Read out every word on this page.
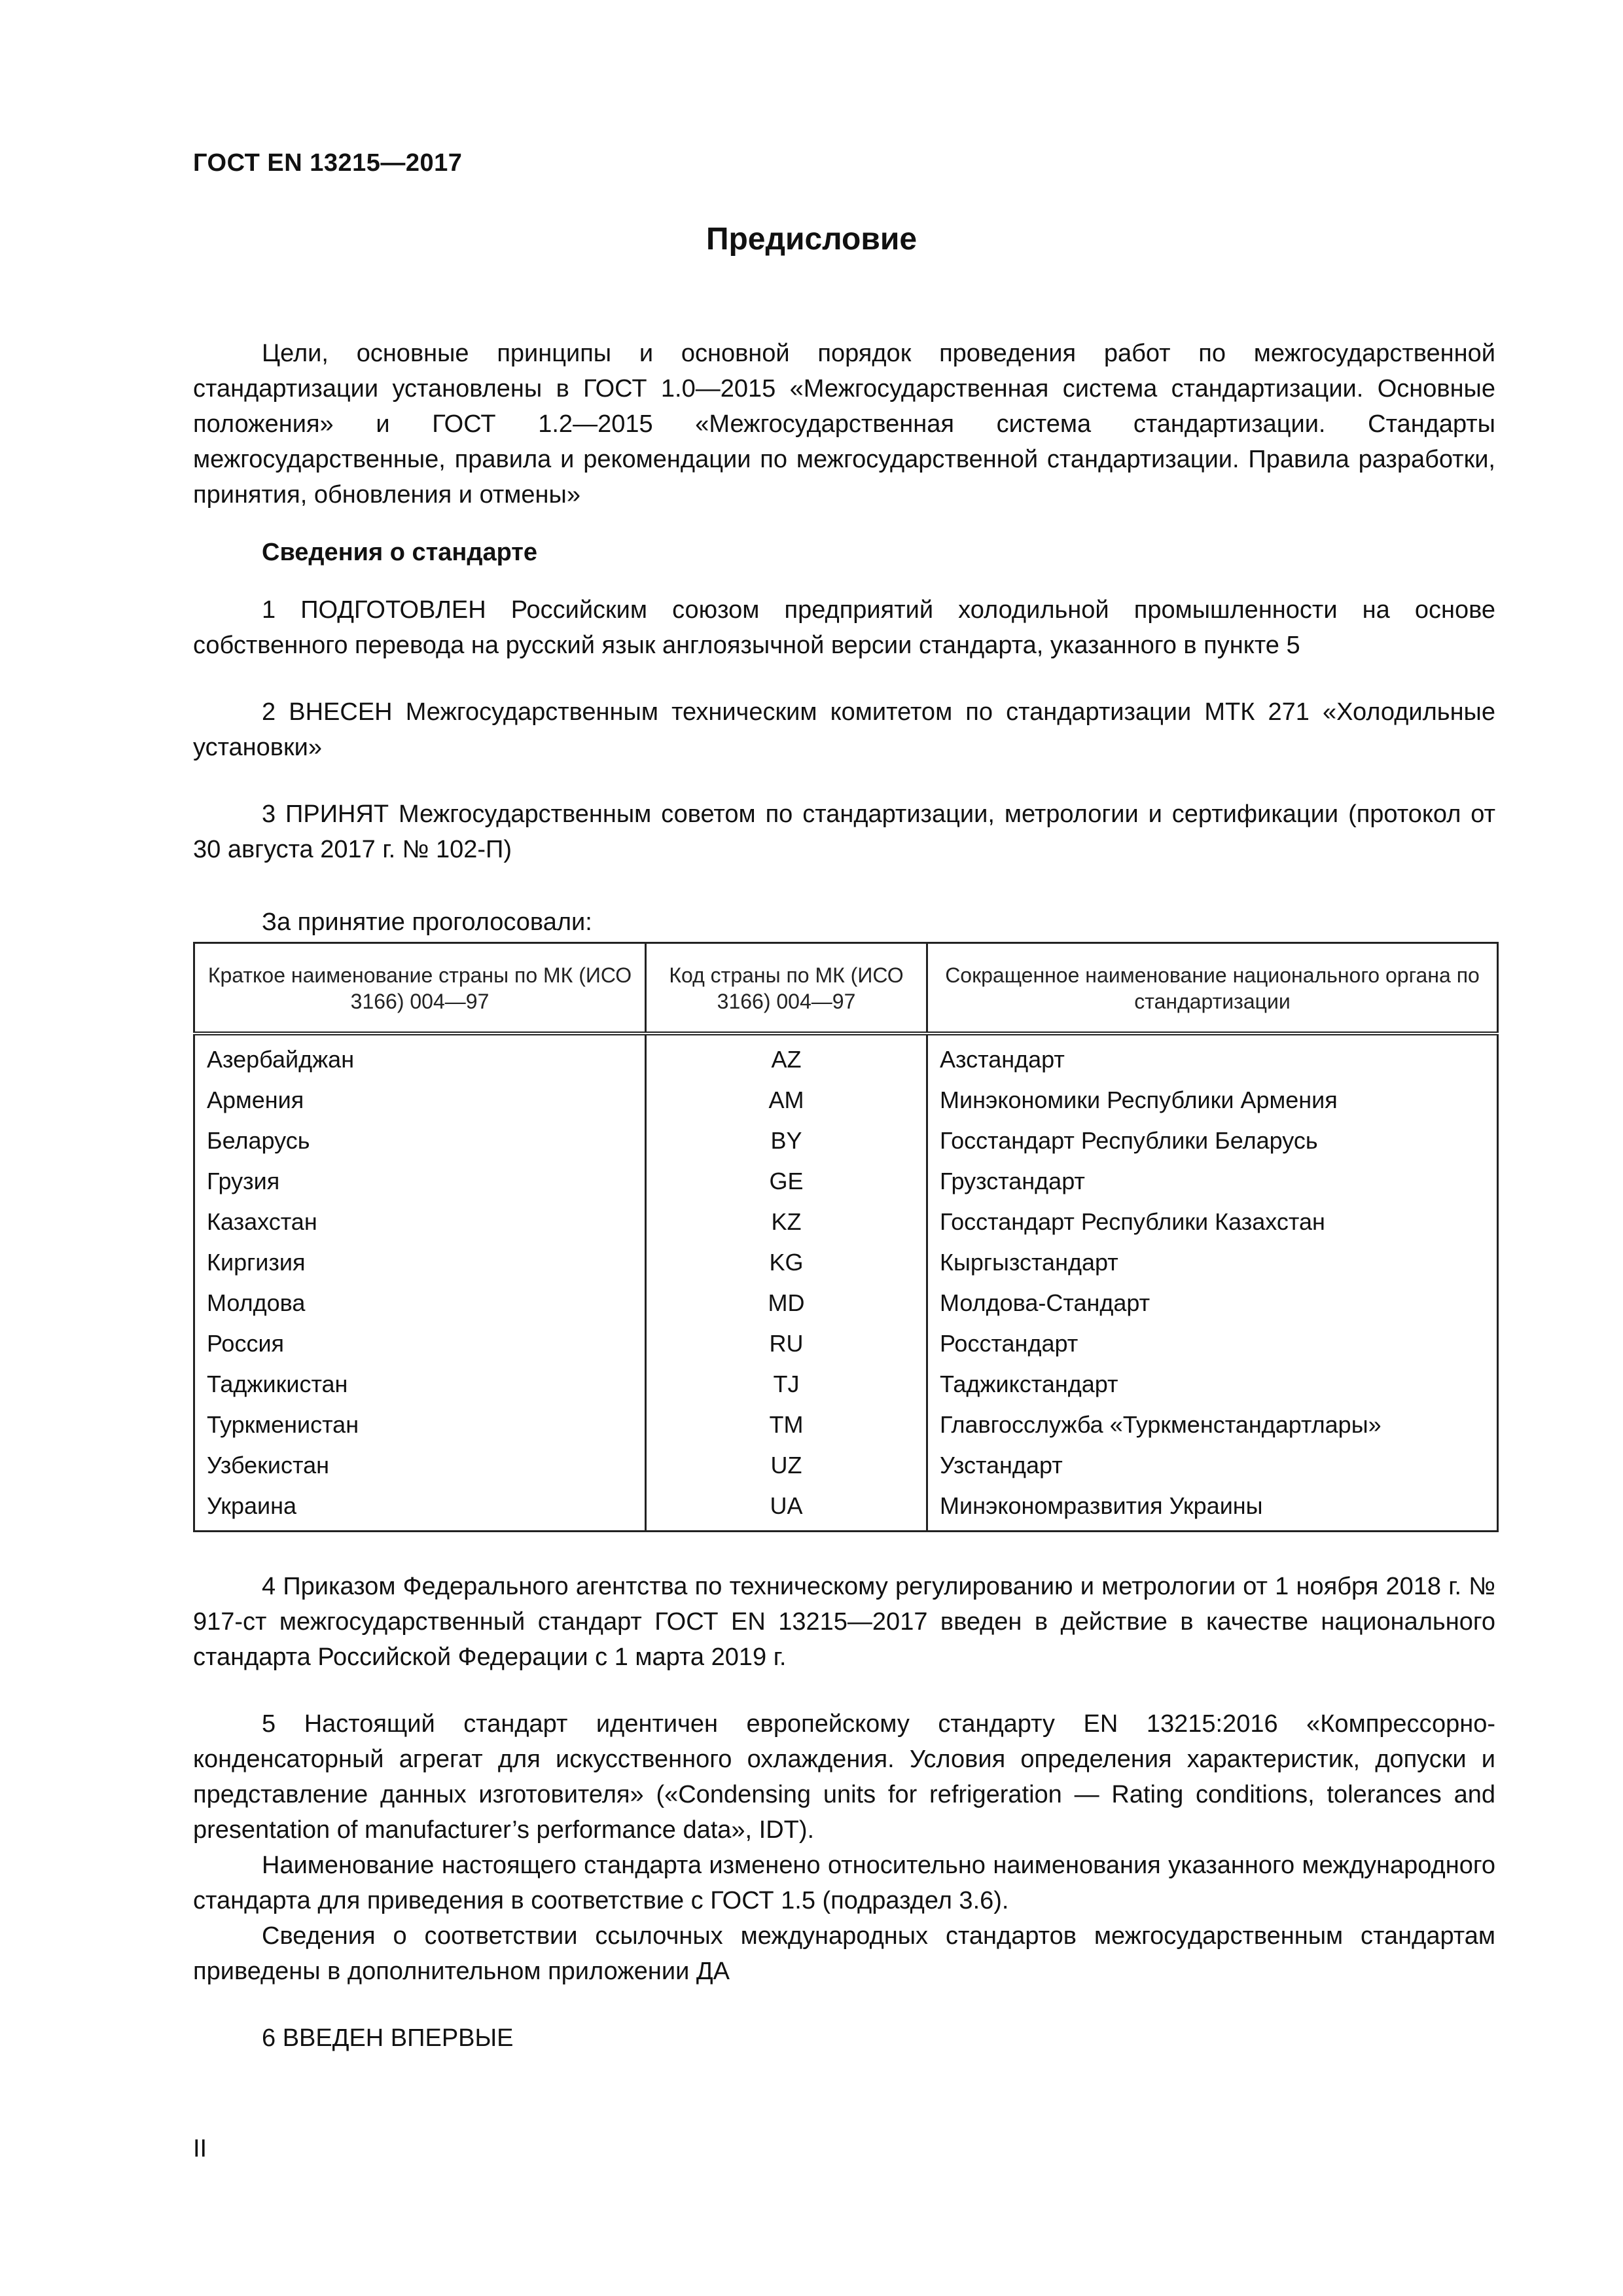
ГОСТ EN 13215—2017
Предисловие

Цели, основные принципы и основной порядок проведения работ по межгосударственной стандартизации установлены в ГОСТ 1.0—2015 «Межгосударственная система стандартизации. Основные положения» и ГОСТ 1.2—2015 «Межгосударственная система стандартизации. Стандарты межгосударственные, правила и рекомендации по межгосударственной стандартизации. Правила разработки, принятия, обновления и отмены»

Сведения о стандарте

1 ПОДГОТОВЛЕН Российским союзом предприятий холодильной промышленности на основе собственного перевода на русский язык англоязычной версии стандарта, указанного в пункте 5

2 ВНЕСЕН Межгосударственным техническим комитетом по стандартизации МТК 271 «Холодильные установки»

3 ПРИНЯТ Межгосударственным советом по стандартизации, метрологии и сертификации (протокол от 30 августа 2017 г. № 102-П)

За принятие проголосовали:

Краткое наименование страны по МК (ИСО 3166) 004—97	Код страны по МК (ИСО 3166) 004—97	Сокращенное наименование национального органа по стандартизации
Азербайджан	AZ	Азстандарт
Армения	AM	Минэкономики Республики Армения
Беларусь	BY	Госстандарт Республики Беларусь
Грузия	GE	Грузстандарт
Казахстан	KZ	Госстандарт Республики Казахстан
Киргизия	KG	Кыргызстандарт
Молдова	MD	Молдова-Стандарт
Россия	RU	Росстандарт
Таджикистан	TJ	Таджикстандарт
Туркменистан	TM	Главгосслужба «Туркменстандартлары»
Узбекистан	UZ	Узстандарт
Украина	UA	Минэкономразвития Украины

4 Приказом Федерального агентства по техническому регулированию и метрологии от 1 ноября 2018 г. № 917-ст межгосударственный стандарт ГОСТ EN 13215—2017 введен в действие в качестве национального стандарта Российской Федерации с 1 марта 2019 г.

5 Настоящий стандарт идентичен европейскому стандарту EN 13215:2016 «Компрессорно-конденсаторный агрегат для искусственного охлаждения. Условия определения характеристик, допуски и представление данных изготовителя» («Condensing units for refrigeration — Rating conditions, tolerances and presentation of manufacturer’s performance data», IDT).

Наименование настоящего стандарта изменено относительно наименования указанного международного стандарта для приведения в соответствие с ГОСТ 1.5 (подраздел 3.6).

Сведения о соответствии ссылочных международных стандартов межгосударственным стандартам приведены в дополнительном приложении ДА

6 ВВЕДЕН ВПЕРВЫЕ

II
